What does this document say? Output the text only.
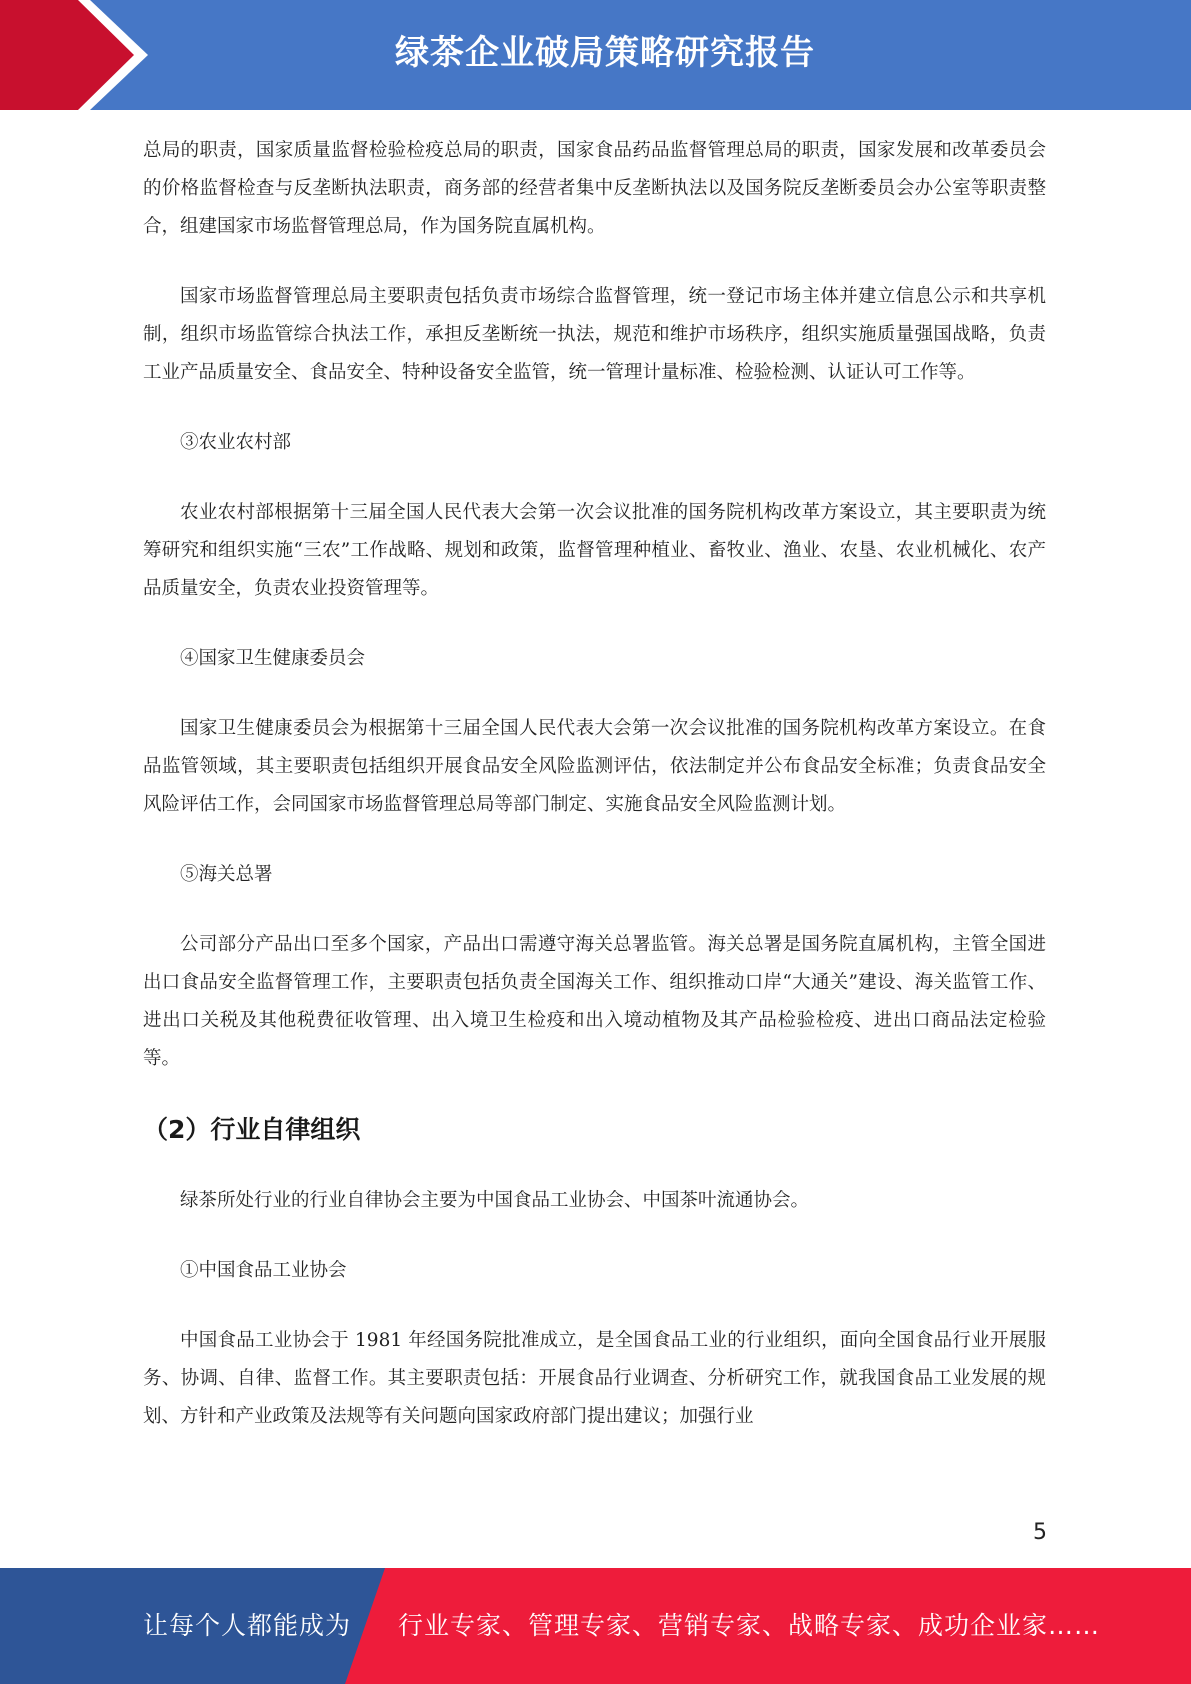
绿茶企业破局策略研究报告

总局的职责，国家质量监督检验检疫总局的职责，国家食品药品监督管理总局的职责，国家发展和改革委员会的价格监督检查与反垄断执法职责，商务部的经营者集中反垄断执法以及国务院反垄断委员会办公室等职责整合，组建国家市场监督管理总局，作为国务院直属机构。

国家市场监督管理总局主要职责包括负责市场综合监督管理，统一登记市场主体并建立信息公示和共享机制，组织市场监管综合执法工作，承担反垄断统一执法，规范和维护市场秩序，组织实施质量强国战略，负责工业产品质量安全、食品安全、特种设备安全监管，统一管理计量标准、检验检测、认证认可工作等。

③农业农村部

农业农村部根据第十三届全国人民代表大会第一次会议批准的国务院机构改革方案设立，其主要职责为统筹研究和组织实施“三农”工作战略、规划和政策，监督管理种植业、畜牧业、渔业、农垦、农业机械化、农产品质量安全，负责农业投资管理等。

④国家卫生健康委员会

国家卫生健康委员会为根据第十三届全国人民代表大会第一次会议批准的国务院机构改革方案设立。在食品监管领域，其主要职责包括组织开展食品安全风险监测评估，依法制定并公布食品安全标准；负责食品安全风险评估工作，会同国家市场监督管理总局等部门制定、实施食品安全风险监测计划。

⑤海关总署

公司部分产品出口至多个国家，产品出口需遵守海关总署监管。海关总署是国务院直属机构，主管全国进出口食品安全监督管理工作，主要职责包括负责全国海关工作、组织推动口岸“大通关”建设、海关监管工作、进出口关税及其他税费征收管理、出入境卫生检疫和出入境动植物及其产品检验检疫、进出口商品法定检验等。

（2）行业自律组织

绿茶所处行业的行业自律协会主要为中国食品工业协会、中国茶叶流通协会。

①中国食品工业协会

中国食品工业协会于 1981 年经国务院批准成立，是全国食品工业的行业组织，面向全国食品行业开展服务、协调、自律、监督工作。其主要职责包括：开展食品行业调查、分析研究工作，就我国食品工业发展的规划、方针和产业政策及法规等有关问题向国家政府部门提出建议；加强行业

5
让每个人都能成为 行业专家、管理专家、营销专家、战略专家、成功企业家……
